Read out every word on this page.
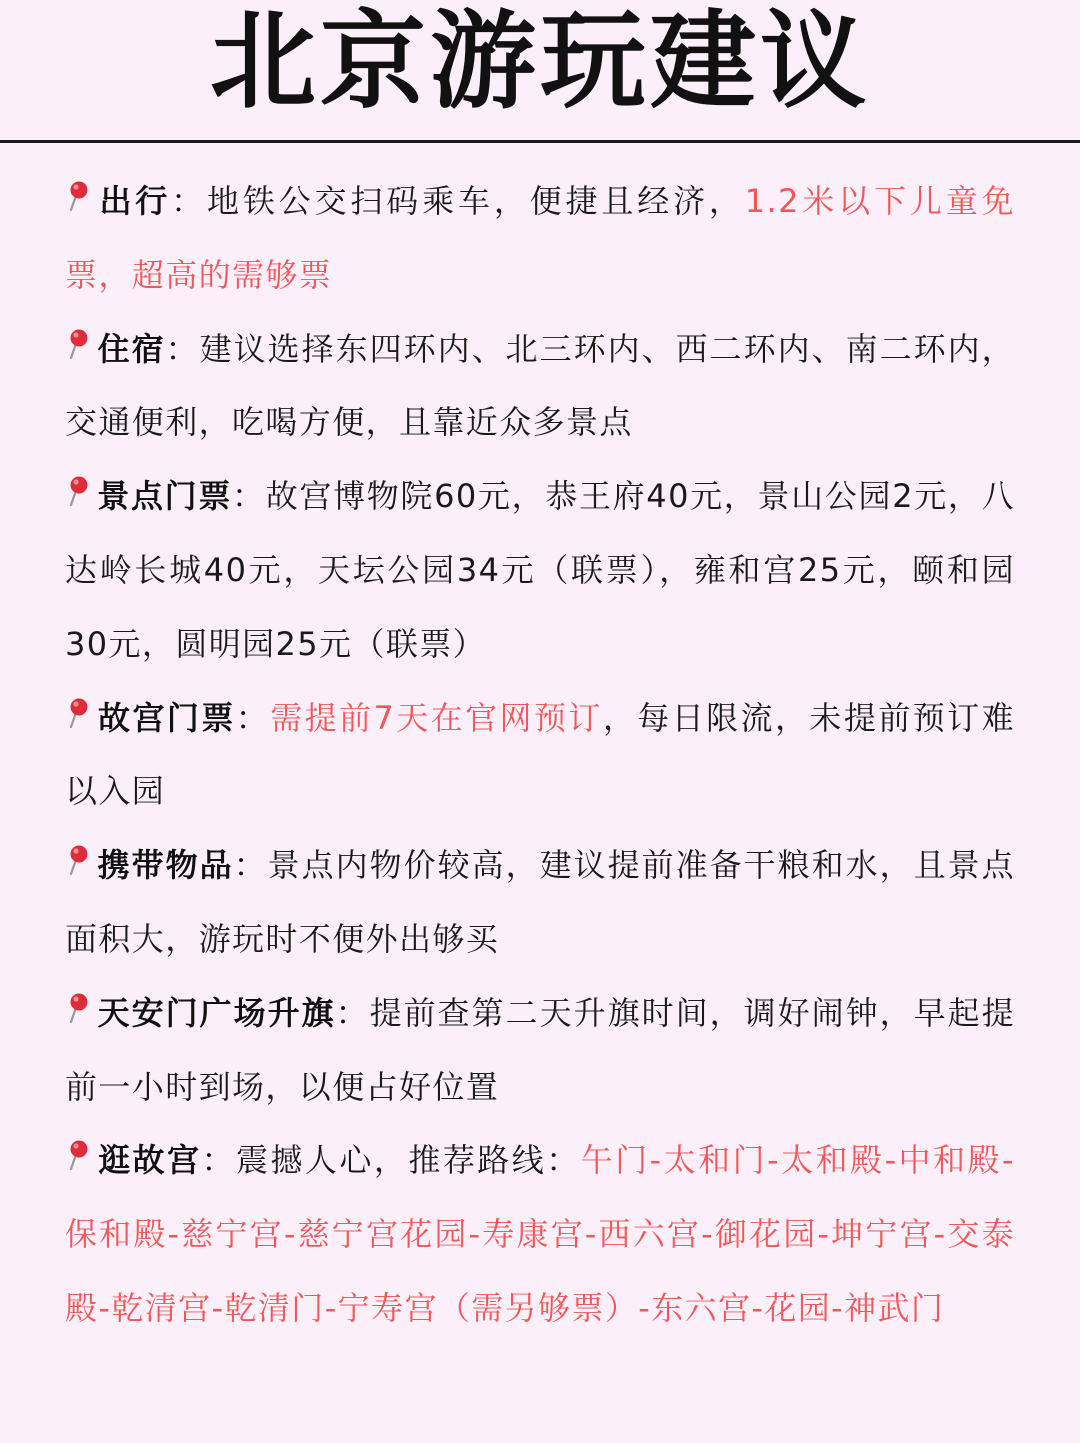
北京游玩建议

出行：地铁公交扫码乘车，便捷且经济，1.2米以下儿童免票，超高的需够票

住宿：建议选择东四环内、北三环内、西二环内、南二环内，交通便利，吃喝方便，且靠近众多景点

景点门票：故宫博物院60元，恭王府40元，景山公园2元，八达岭长城40元，天坛公园34元（联票），雍和宫25元，颐和园30元，圆明园25元（联票）

故宫门票：需提前7天在官网预订，每日限流，未提前预订难以入园

携带物品：景点内物价较高，建议提前准备干粮和水，且景点面积大，游玩时不便外出够买

天安门广场升旗：提前查第二天升旗时间，调好闹钟，早起提前一小时到场，以便占好位置

逛故宫：震撼人心，推荐路线：午门-太和门-太和殿-中和殿-保和殿-慈宁宫-慈宁宫花园-寿康宫-西六宫-御花园-坤宁宫-交泰殿-乾清宫-乾清门-宁寿宫（需另够票）-东六宫-花园-神武门
